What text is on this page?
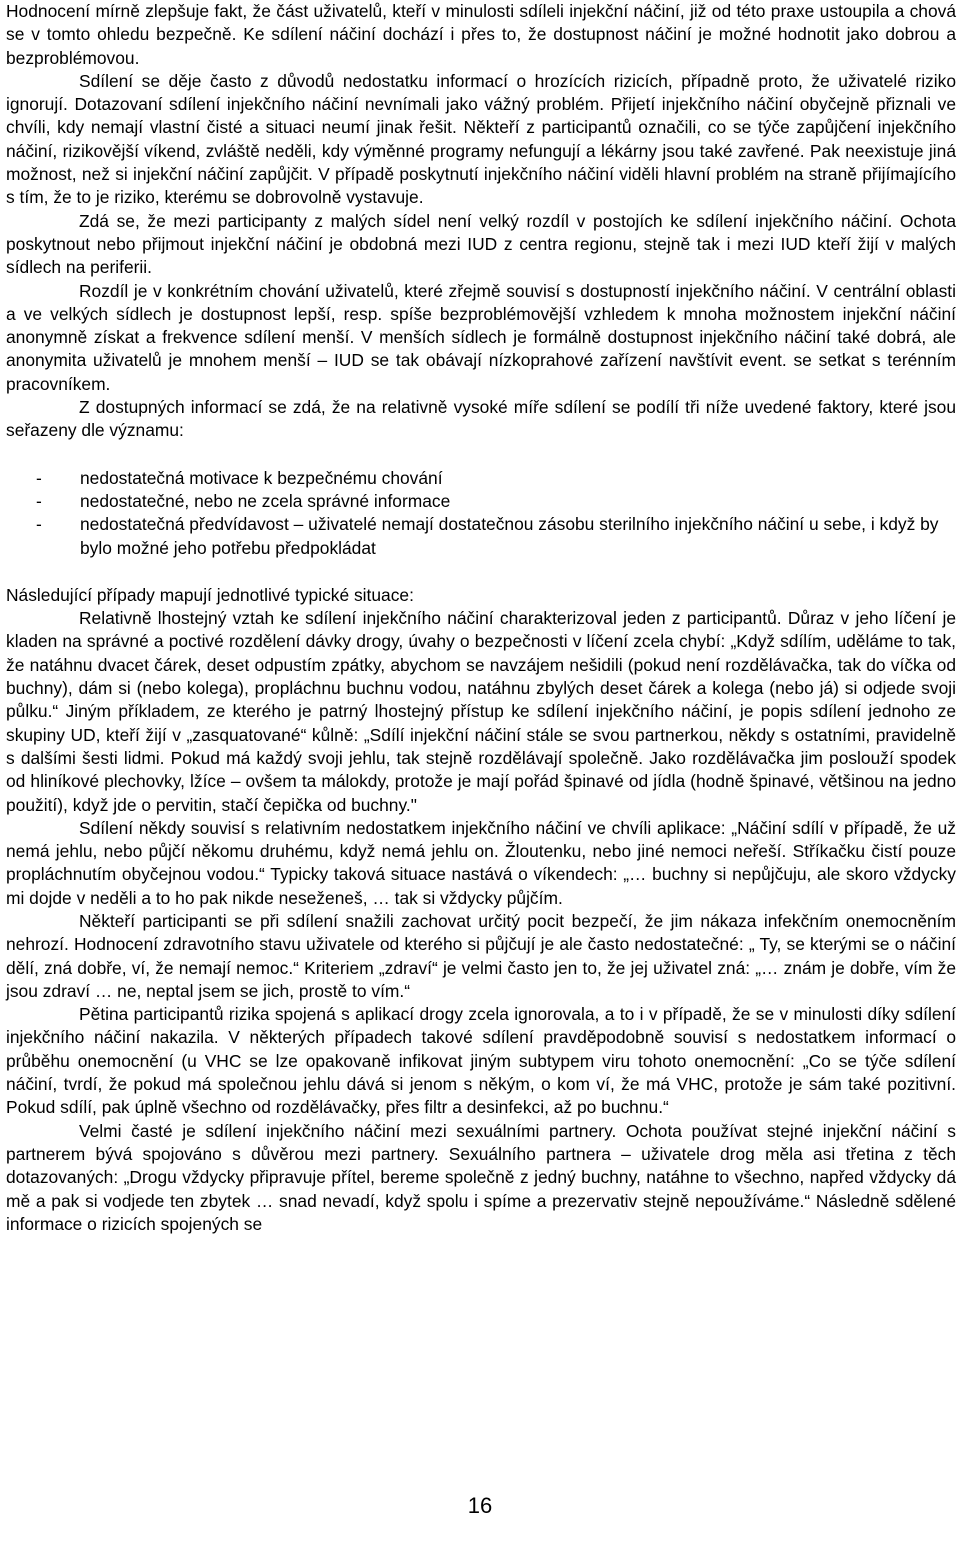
Hodnocení mírně zlepšuje fakt, že část uživatelů, kteří v minulosti sdíleli injekční náčiní, již od této praxe ustoupila a chová se v tomto ohledu bezpečně. Ke sdílení náčiní dochází i přes to, že dostupnost náčiní je možné hodnotit jako dobrou a bezproblémovou.

Sdílení se děje často z důvodů nedostatku informací o hrozících rizicích, případně proto, že uživatelé riziko ignorují. Dotazovaní sdílení injekčního náčiní nevnímali jako vážný problém. Přijetí injekčního náčiní obyčejně přiznali ve chvíli, kdy nemají vlastní čisté a situaci neumí jinak řešit. Někteří z participantů označili, co se týče zapůjčení injekčního náčiní, rizikovější víkend, zvláště neděli, kdy výměnné programy nefungují a lékárny jsou také zavřené. Pak neexistuje jiná možnost, než si injekční náčiní zapůjčit. V případě poskytnutí injekčního náčiní viděli hlavní problém na straně přijímajícího s tím, že to je riziko, kterému se dobrovolně vystavuje.

Zdá se, že mezi participanty z malých sídel není velký rozdíl v postojích ke sdílení injekčního náčiní. Ochota poskytnout nebo přijmout injekční náčiní je obdobná mezi IUD z centra regionu, stejně tak i mezi IUD kteří žijí v malých sídlech na periferii.

Rozdíl je v konkrétním chování uživatelů, které zřejmě souvisí s dostupností injekčního náčiní. V centrální oblasti a ve velkých sídlech je dostupnost lepší, resp. spíše bezproblémovější vzhledem k mnoha možnostem injekční náčiní anonymně získat a frekvence sdílení menší. V menších sídlech je formálně dostupnost injekčního náčiní také dobrá, ale anonymita uživatelů je mnohem menší – IUD se tak obávají nízkoprahové zařízení navštívit event. se setkat s terénním pracovníkem.

Z dostupných informací se zdá, že na relativně vysoké míře sdílení se podílí tři níže uvedené faktory, které jsou seřazeny dle významu:

- nedostatečná motivace k bezpečnému chování
- nedostatečné, nebo ne zcela správné informace
- nedostatečná předvídavost – uživatelé nemají dostatečnou zásobu sterilního injekčního náčiní u sebe, i když by bylo možné jeho potřebu předpokládat

Následující případy mapují jednotlivé typické situace:

Relativně lhostejný vztah ke sdílení injekčního náčiní charakterizoval jeden z participantů. Důraz v jeho líčení je kladen na správné a poctivé rozdělení dávky drogy, úvahy o bezpečnosti v líčení zcela chybí: „Když sdílím, uděláme to tak, že natáhnu dvacet čárek, deset odpustím zpátky, abychom se navzájem nešidili (pokud není rozdělávačka, tak do víčka od buchny), dám si (nebo kolega), propláchnu buchnu vodou, natáhnu zbylých deset čárek a kolega (nebo já) si odjede svoji půlku.“ Jiným příkladem, ze kterého je patrný lhostejný přístup ke sdílení injekčního náčiní, je popis sdílení jednoho ze skupiny UD, kteří žijí v „zasquatované“ kůlně: „Sdílí injekční náčiní stále se svou partnerkou, někdy s ostatními, pravidelně s dalšími šesti lidmi. Pokud má každý svoji jehlu, tak stejně rozdělávají společně. Jako rozdělávačka jim poslouží spodek od hliníkové plechovky, lžíce – ovšem ta málokdy, protože je mají pořád špinavé od jídla (hodně špinavé, většinou na jedno použití), když jde o pervitin, stačí čepička od buchny."

Sdílení někdy souvisí s relativním nedostatkem injekčního náčiní ve chvíli aplikace: „Náčiní sdílí v případě, že už nemá jehlu, nebo půjčí někomu druhému, když nemá jehlu on. Žloutenku, nebo jiné nemoci neřeší. Stříkačku čistí pouze propláchnutím obyčejnou vodou.“ Typicky taková situace nastává o víkendech: „… buchny si nepůjčuju, ale skoro vždycky mi dojde v neděli a to ho pak nikde neseženeš, … tak si vždycky půjčím.

Někteří participanti se při sdílení snažili zachovat určitý pocit bezpečí, že jim nákaza infekčním onemocněním nehrozí. Hodnocení zdravotního stavu uživatele od kterého si půjčují je ale často nedostatečné: „ Ty, se kterými se o náčiní dělí, zná dobře, ví, že nemají nemoc.“ Kriteriem „zdraví“ je velmi často jen to, že jej uživatel zná: „… znám je dobře, vím že jsou zdraví … ne, neptal jsem se jich, prostě to vím.“

Pětina participantů rizika spojená s aplikací drogy zcela ignorovala, a to i v případě, že se v minulosti díky sdílení injekčního náčiní nakazila. V některých případech takové sdílení pravděpodobně souvisí s nedostatkem informací o průběhu onemocnění (u VHC se lze opakovaně infikovat jiným subtypem viru tohoto onemocnění: „Co se týče sdílení náčiní, tvrdí, že pokud má společnou jehlu dává si jenom s někým, o kom ví, že má VHC, protože je sám také pozitivní. Pokud sdílí, pak úplně všechno od rozdělávačky, přes filtr a desinfekci, až po buchnu.“

Velmi časté je sdílení injekčního náčiní mezi sexuálními partnery. Ochota používat stejné injekční náčiní s partnerem bývá spojováno s důvěrou mezi partnery. Sexuálního partnera – uživatele drog měla asi třetina z těch dotazovaných: „Drogu vždycky připravuje přítel, bereme společně z jedný buchny, natáhne to všechno, napřed vždycky dá mě a pak si vodjede ten zbytek … snad nevadí, když spolu i spíme a prezervativ stejně nepoužíváme.“ Následně sdělené informace o rizicích spojených se

16
